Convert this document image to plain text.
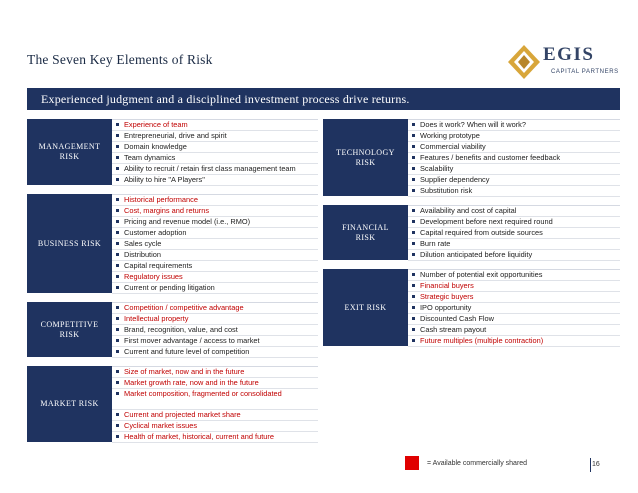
The Seven Key Elements of Risk	EGIS
CAPITAL PARTNERS
Experienced judgment and a disciplined investment process drive returns.
MANAGEMENT
RISK
Experience of team
Entrepreneurial, drive and spirit
Domain knowledge
Team dynamics
Ability to recruit / retain first class management team
Ability to hire "A Players"
BUSINESS RISK
Historical performance
Cost, margins and returns
Pricing and revenue model (i.e., RMO)
Customer adoption
Sales cycle
Distribution
Capital requirements
Regulatory issues
Current or pending litigation
COMPETITIVE
RISK
Competition / competitive advantage
Intellectual property
Brand, recognition, value, and cost
First mover advantage / access to market
Current and future level of competition
MARKET RISK
Size of market, now and in the future
Market growth rate, now and in the future
Market composition, fragmented or consolidated
Current and projected market share
Cyclical market issues
Health of market, historical, current and future
TECHNOLOGY
RISK
Does it work? When will it work?
Working prototype
Commercial viability
Features / benefits and customer feedback
Scalability
Supplier dependency
Substitution risk
FINANCIAL
RISK
Availability and cost of capital
Development before next required round
Capital required from outside sources
Burn rate
Dilution anticipated before liquidity
EXIT RISK
Number of potential exit opportunities
Financial buyers
Strategic buyers
IPO opportunity
Discounted Cash Flow
Cash stream payout
Future multiples (multiple contraction)
= Available commercially shared	16
